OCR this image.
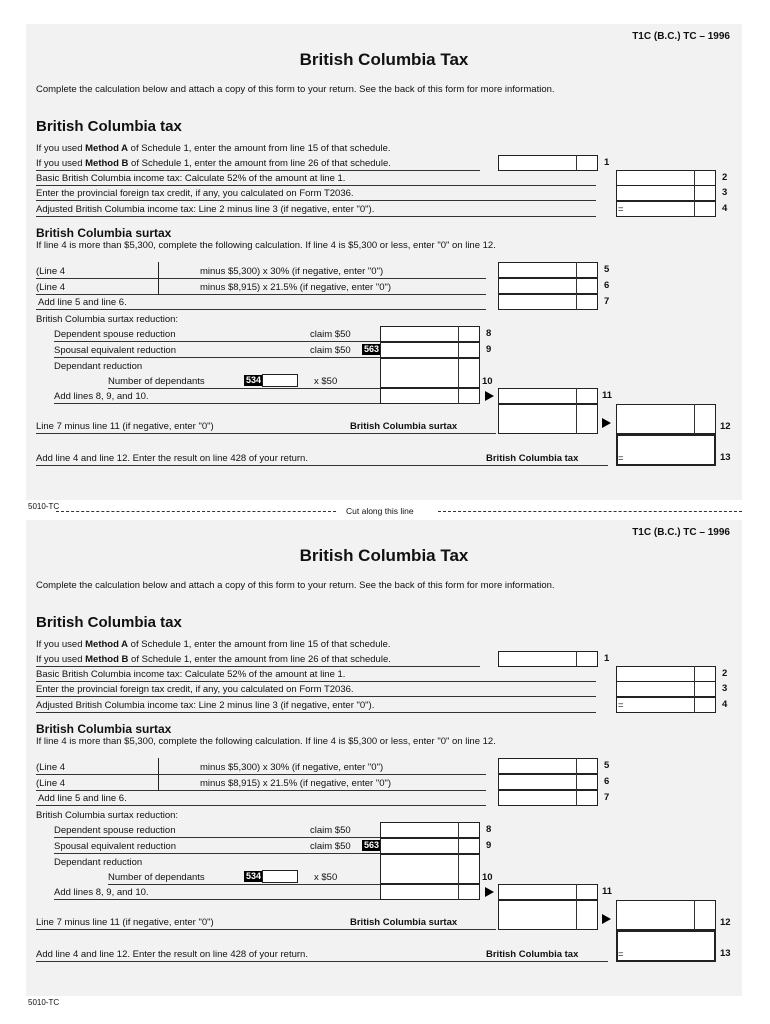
T1C (B.C.) TC – 1996
British Columbia Tax
Complete the calculation below and attach a copy of this form to your return. See the back of this form for more information.
British Columbia tax
If you used Method A of Schedule 1, enter the amount from line 15 of that schedule.
If you used Method B of Schedule 1, enter the amount from line 26 of that schedule.	1
Basic British Columbia income tax: Calculate 52% of the amount at line 1.	2
Enter the provincial foreign tax credit, if any, you calculated on Form T2036.	3
Adjusted British Columbia income tax: Line 2 minus line 3 (if negative, enter "0").	=	4
British Columbia surtax
If line 4 is more than $5,300, complete the following calculation. If line 4 is $5,300 or less, enter "0" on line 12.
(Line 4	minus $5,300) x 30% (if negative, enter "0")	5
(Line 4	minus $8,915) x 21.5% (if negative, enter "0")	6
Add line 5 and line 6.	7
British Columbia surtax reduction:
Dependent spouse reduction	claim $50	8
Spousal equivalent reduction	claim $50 563	9
Dependant reduction
Number of dependants	534	x $50	10
Add lines 8, 9, and 10.	11
Line 7 minus line 11 (if negative, enter "0")	British Columbia surtax	12
Add line 4 and line 12. Enter the result on line 428 of your return.	British Columbia tax	=	13
5010-TC	Cut along this line
T1C (B.C.) TC – 1996
British Columbia Tax
Complete the calculation below and attach a copy of this form to your return. See the back of this form for more information.
British Columbia tax
If you used Method A of Schedule 1, enter the amount from line 15 of that schedule.
If you used Method B of Schedule 1, enter the amount from line 26 of that schedule.	1
Basic British Columbia income tax: Calculate 52% of the amount at line 1.	2
Enter the provincial foreign tax credit, if any, you calculated on Form T2036.	3
Adjusted British Columbia income tax: Line 2 minus line 3 (if negative, enter "0").	=	4
British Columbia surtax
If line 4 is more than $5,300, complete the following calculation. If line 4 is $5,300 or less, enter "0" on line 12.
(Line 4	minus $5,300) x 30% (if negative, enter "0")	5
(Line 4	minus $8,915) x 21.5% (if negative, enter "0")	6
Add line 5 and line 6.	7
British Columbia surtax reduction:
Dependent spouse reduction	claim $50	8
Spousal equivalent reduction	claim $50 563	9
Dependant reduction
Number of dependants	534	x $50	10
Add lines 8, 9, and 10.	11
Line 7 minus line 11 (if negative, enter "0")	British Columbia surtax	12
Add line 4 and line 12. Enter the result on line 428 of your return.	British Columbia tax	=	13
5010-TC
